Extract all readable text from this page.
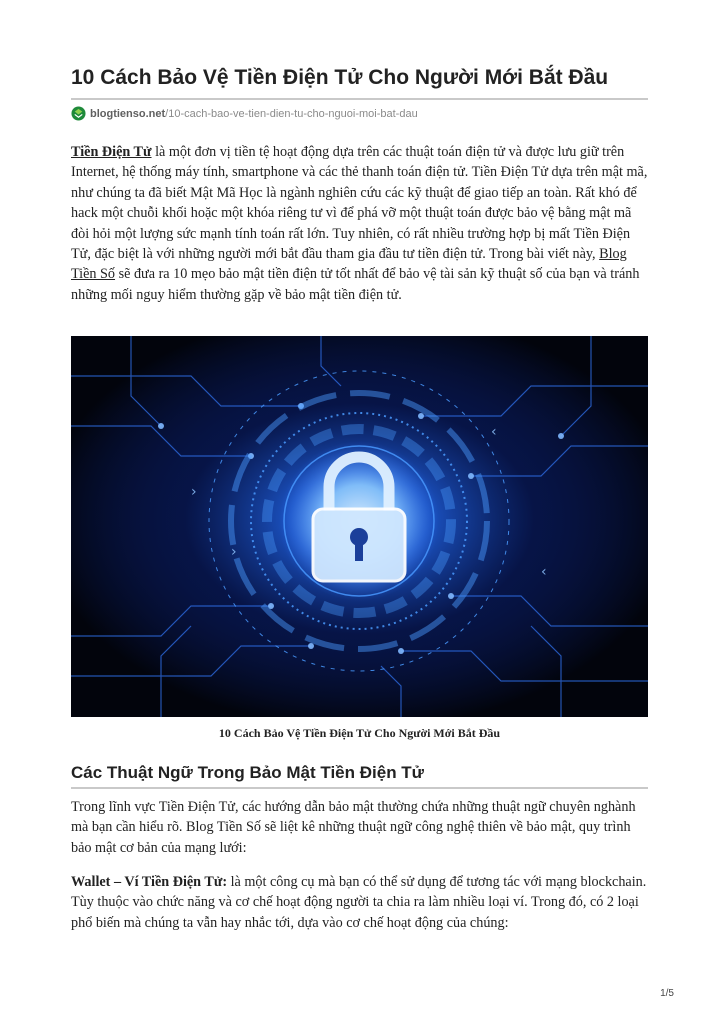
10 Cách Bảo Vệ Tiền Điện Tử Cho Người Mới Bắt Đầu
blogtienso.net /10-cach-bao-ve-tien-dien-tu-cho-nguoi-moi-bat-dau

Tiền Điện Tử là một đơn vị tiền tệ hoạt động dựa trên các thuật toán điện tử và được lưu giữ trên Internet, hệ thống máy tính, smartphone và các thẻ thanh toán điện tử. Tiền Điện Tử dựa trên mật mã, như chúng ta đã biết Mật Mã Học là ngành nghiên cứu các kỹ thuật để giao tiếp an toàn. Rất khó để hack một chuỗi khối hoặc một khóa riêng tư vì để phá vỡ một thuật toán được bảo vệ bằng mật mã đòi hỏi một lượng sức mạnh tính toán rất lớn. Tuy nhiên, có rất nhiều trường hợp bị mất Tiền Điện Tử, đặc biệt là với những người mới bắt đầu tham gia đầu tư tiền điện tử. Trong bài viết này, Blog Tiền Số sẽ đưa ra 10 mẹo bảo mật tiền điện tử tốt nhất để bảo vệ tài sản kỹ thuật số của bạn và tránh những mối nguy hiểm thường gặp về bảo mật tiền điện tử.

‹
›
‹
›

10 Cách Bảo Vệ Tiền Điện Tử Cho Người Mới Bắt Đầu

Các Thuật Ngữ Trong Bảo Mật Tiền Điện Tử

Trong lĩnh vực Tiền Điện Tử, các hướng dẫn bảo mật thường chứa những thuật ngữ chuyên nghành mà bạn cần hiểu rõ. Blog Tiền Số sẽ liệt kê những thuật ngữ công nghệ thiên về bảo mật, quy trình bảo mật cơ bản của mạng lưới:

Wallet – Ví Tiền Điện Tử: là một công cụ mà bạn có thể sử dụng để tương tác với mạng blockchain. Tùy thuộc vào chức năng và cơ chế hoạt động người ta chia ra làm nhiều loại ví. Trong đó, có 2 loại phổ biến mà chúng ta vẫn hay nhắc tới, dựa vào cơ chế hoạt động của chúng:

1/5
